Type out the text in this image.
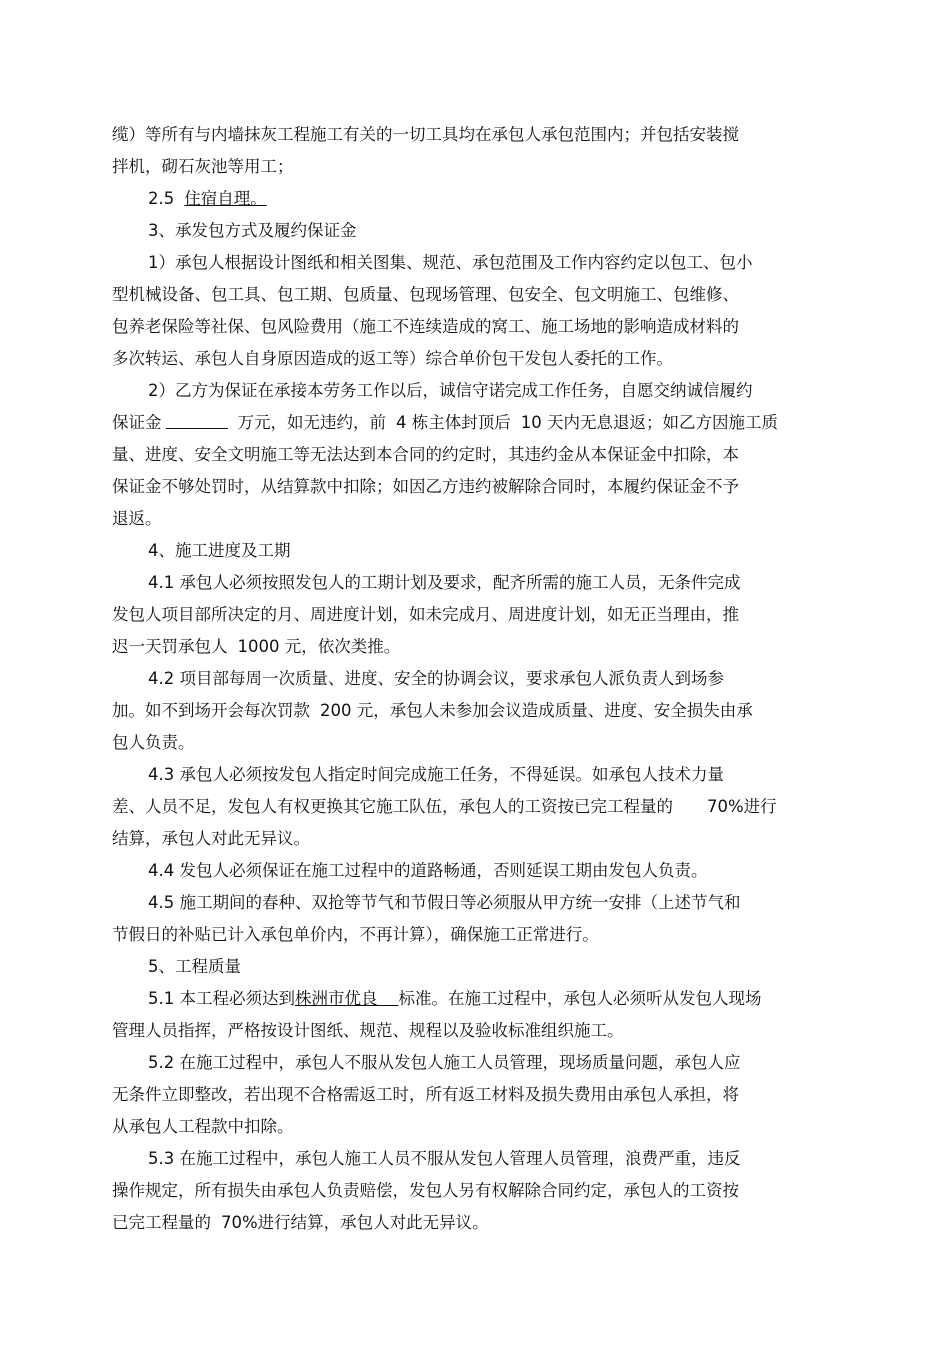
缆）等所有与内墙抹灰工程施工有关的一切工具均在承包人承包范围内；并包括安装搅
拌机，砌石灰池等用工；
2.5 住宿自理。
3、承发包方式及履约保证金
1）承包人根据设计图纸和相关图集、规范、承包范围及工作内容约定以包工、包小
型机械设备、包工具、包工期、包质量、包现场管理、包安全、包文明施工、包维修、
包养老保险等社保、包风险费用（施工不连续造成的窝工、施工场地的影响造成材料的
多次转运、承包人自身原因造成的返工等）综合单价包干发包人委托的工作。
2）乙方为保证在承接本劳务工作以后，诚信守诺完成工作任务，自愿交纳诚信履约
保证金	万元，如无违约，前 4 栋主体封顶后 10 天内无息退返；如乙方因施工质
量、进度、安全文明施工等无法达到本合同的约定时，其违约金从本保证金中扣除，本
保证金不够处罚时，从结算款中扣除；如因乙方违约被解除合同时，本履约保证金不予
退返。
4、施工进度及工期
4.1 承包人必须按照发包人的工期计划及要求，配齐所需的施工人员，无条件完成
发包人项目部所决定的月、周进度计划，如未完成月、周进度计划，如无正当理由，推
迟一天罚承包人 1000 元，依次类推。
4.2 项目部每周一次质量、进度、安全的协调会议，要求承包人派负责人到场参
加。如不到场开会每次罚款 200 元，承包人未参加会议造成质量、进度、安全损失由承
包人负责。
4.3 承包人必须按发包人指定时间完成施工任务，不得延误。如承包人技术力量
差、人员不足，发包人有权更换其它施工队伍，承包人的工资按已完工程量的 70%进行
结算，承包人对此无异议。
4.4 发包人必须保证在施工过程中的道路畅通，否则延误工期由发包人负责。
4.5 施工期间的春种、双抢等节气和节假日等必须服从甲方统一安排（上述节气和
节假日的补贴已计入承包单价内，不再计算），确保施工正常进行。
5、工程质量
5.1 本工程必须达到株洲市优良 标准。在施工过程中，承包人必须听从发包人现场
管理人员指挥，严格按设计图纸、规范、规程以及验收标准组织施工。
5.2 在施工过程中，承包人不服从发包人施工人员管理，现场质量问题，承包人应
无条件立即整改，若出现不合格需返工时，所有返工材料及损失费用由承包人承担，将
从承包人工程款中扣除。
5.3 在施工过程中，承包人施工人员不服从发包人管理人员管理，浪费严重，违反
操作规定，所有损失由承包人负责赔偿，发包人另有权解除合同约定，承包人的工资按
已完工程量的 70%进行结算，承包人对此无异议。
